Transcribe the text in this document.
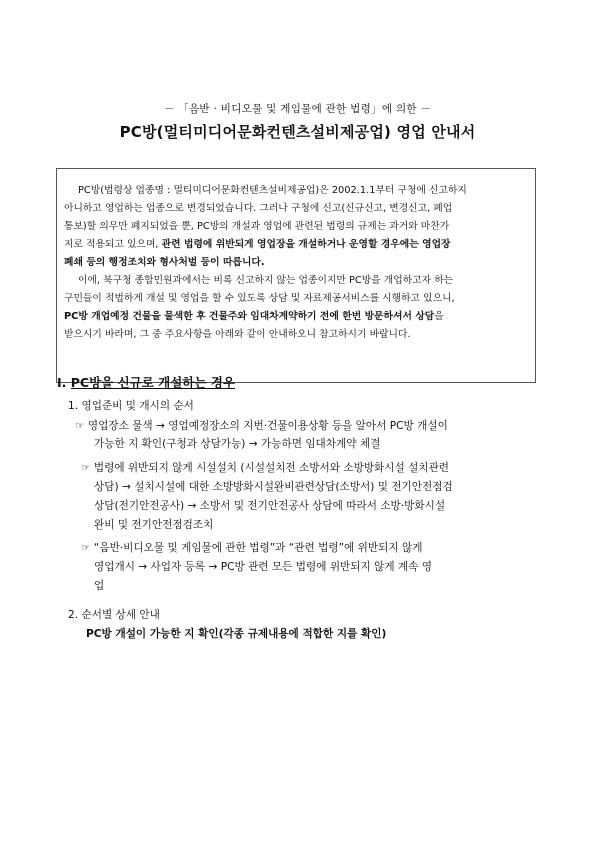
－ 「음반 · 비디오물 및 게임물에 관한 법령」에 의한 －
PC방(멀티미디어문화컨텐츠설비제공업) 영업 안내서
PC방(법령상 업종명 : 멀티미디어문화컨텐츠설비제공업)은 2002.1.1부터 구청에 신고하지
아니하고 영업하는 업종으로 변경되었습니다. 그러나 구청에 신고(신규신고, 변경신고, 폐업
통보)할 의무만 폐지되었을 뿐, PC방의 개설과 영업에 관련된 법령의 규제는 과거와 마찬가
지로 적용되고 있으며, 관련 법령에 위반되게 영업장을 개설하거나 운영할 경우에는 영업장
폐쇄 등의 행정조치와 형사처벌 등이 따릅니다.
이에, 북구청 종합민원과에서는 비록 신고하지 않는 업종이지만 PC방을 개업하고자 하는
구민들이 적법하게 개설 및 영업을 할 수 있도록 상담 및 자료제공서비스를 시행하고 있으니,
PC방 개업예정 건물을 물색한 후 건물주와 임대차계약하기 전에 한번 방문하셔서 상담을
받으시기 바라며, 그 중 주요사항을 아래와 같이 안내하오니 참고하시기 바랍니다.
Ⅰ. PC방을 신규로 개설하는 경우
1. 영업준비 및 개시의 순서
☞ 영업장소 물색 → 영업예정장소의 지번·건물이용상황 등을 알아서 PC방 개설이
가능한 지 확인(구청과 상담가능) → 가능하면 임대차계약 체결
☞ 법령에 위반되지 않게 시설설치 (시설설치전 소방서와 소방방화시설 설치관련
상담) → 설치시설에 대한 소방방화시설완비관련상담(소방서) 및 전기안전점검
상담(전기안전공사) → 소방서 및 전기안전공사 상담에 따라서 소방·방화시설
완비 및 전기안전점검조치
☞ “음반·비디오물 및 게임물에 관한 법령”과 “관련 법령”에 위반되지 않게
영업개시 → 사업자 등록 → PC방 관련 모든 법령에 위반되지 않게 계속 영
업
2. 순서별 상세 안내
PC방 개설이 가능한 지 확인(각종 규제내용에 적합한 지를 확인)
